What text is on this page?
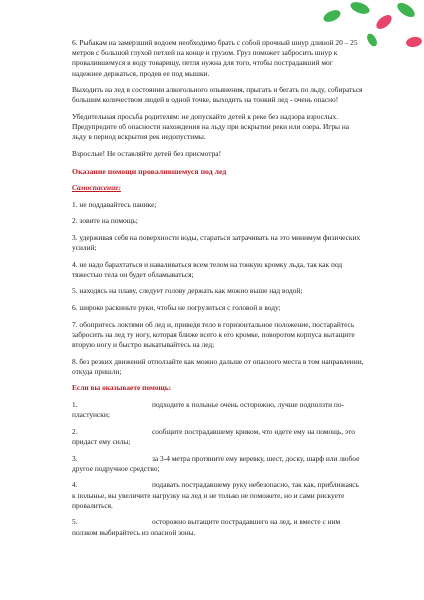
6. Рыбакам на замерзший водоем необходимо брать с собой прочный шнур длиной 20 – 25 метров с большой глухой петлей на конце и грузом. Груз поможет забросить шнур к провалившемуся в воду товарищу, петля нужна для того, чтобы пострадавший мог надежнее держаться, продев ее под мышки.

Выходить на лед в состоянии алкогольного опьянения, прыгать и бегать по льду, собираться большим количеством людей в одной точке, выходить на тонкий лед - очень опасно!

Убедительная просьба родителям: не допускайте детей к реке без надзора взрослых. Предупредите об опасности нахождения на льду при вскрытии реки или озера. Игры на льду в период вскрытия рек недопустимы.

Взрослые! Не оставляйте детей без присмотра!

Оказание помощи провалившемуся под лед

Самоспасение:

1. не поддавайтесь панике;

2. зовите на помощь;

3. удерживая себя на поверхности воды, стараться затрачивать на это минимум физических усилий;

4. не надо барахтаться и наваливаться всем телом на тонкую кромку льда, так как под тяжестью тела он будет обламываться;

5. находясь на плаву, следует голову держать как можно выше над водой;

6. широко раскиньте руки, чтобы не погрузиться с головой в воду;

7. обопритесь локтями об лед и, приведя тело в горизонтальное положение, постарайтесь забросить на лед ту ногу, которая ближе всего к его кромке, поворотом корпуса вытащите вторую ногу и быстро выкатывайтесь на лед;

8. без резких движений отползайте как можно дальше от опасного места в том направлении, откуда пришли;

Если вы оказываете помощь:

1.	подходите к полынье очень осторожно, лучше подползти по-пластунски;

2.	сообщите пострадавшему криком, что идете ему на помощь, это придаст ему силы;

3.	за 3-4 метра протяните ему веревку, шест, доску, шарф или любое другое подручное средство;

4.	подавать пострадавшему руку небезопасно, так как, приближаясь к полынье, вы увеличите нагрузку на лед и не только не поможете, но и сами рискуете провалиться.

5.	осторожно вытащите пострадавшего на лед, и вместе с ним ползком выбирайтесь из опасной зоны.
